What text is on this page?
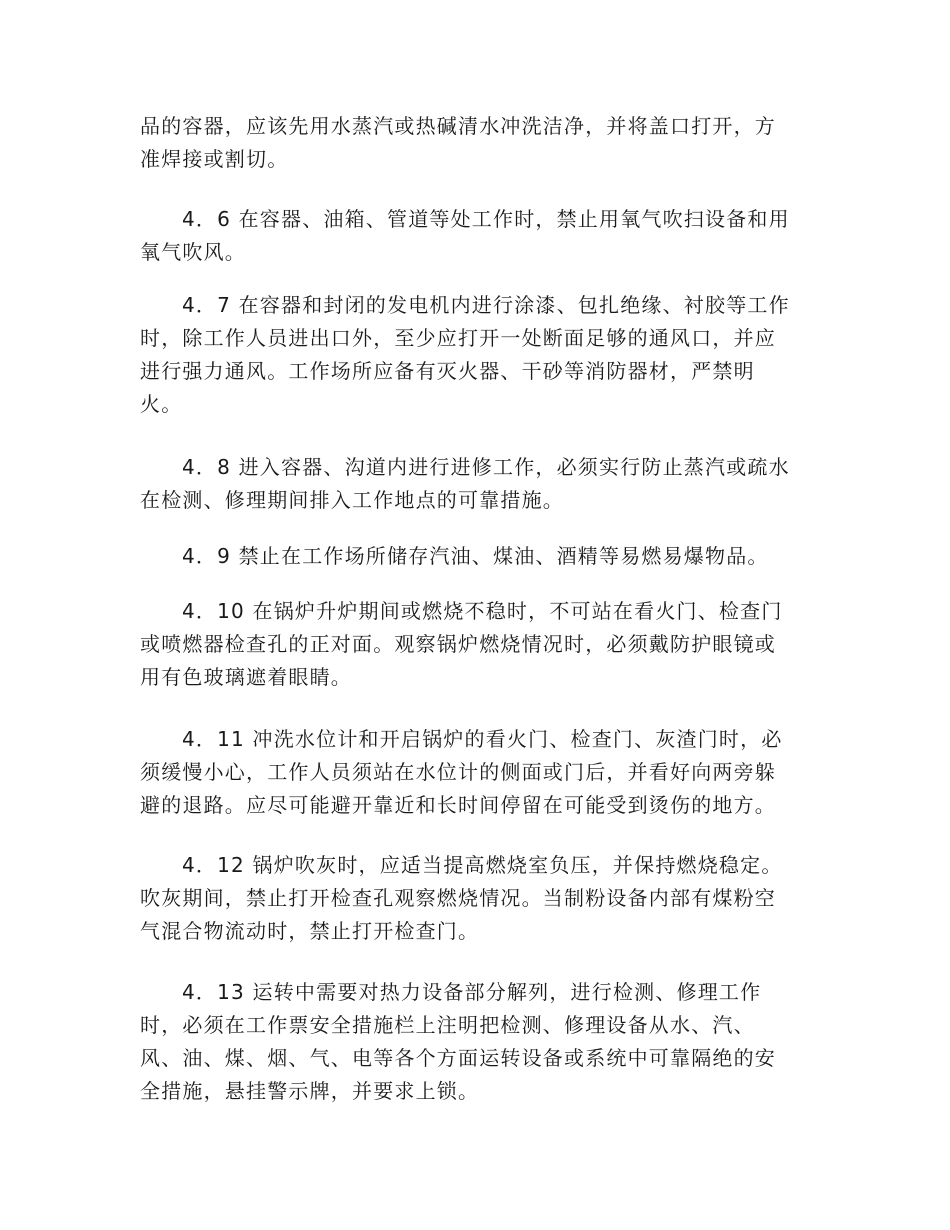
品的容器，应该先用水蒸汽或热碱清水冲洗洁净，并将盖口打开，方
准焊接或割切。

4．6 在容器、油箱、管道等处工作时，禁止用氧气吹扫设备和用
氧气吹风。

4．7 在容器和封闭的发电机内进行涂漆、包扎绝缘、衬胶等工作
时，除工作人员进出口外，至少应打开一处断面足够的通风口，并应
进行强力通风。工作场所应备有灭火器、干砂等消防器材，严禁明
火。

4．8 进入容器、沟道内进行进修工作，必须实行防止蒸汽或疏水
在检测、修理期间排入工作地点的可靠措施。

4．9 禁止在工作场所储存汽油、煤油、酒精等易燃易爆物品。

4．10 在锅炉升炉期间或燃烧不稳时，不可站在看火门、检查门
或喷燃器检查孔的正对面。观察锅炉燃烧情况时，必须戴防护眼镜或
用有色玻璃遮着眼睛。

4．11 冲洗水位计和开启锅炉的看火门、检查门、灰渣门时，必
须缓慢小心，工作人员须站在水位计的侧面或门后，并看好向两旁躲
避的退路。应尽可能避开靠近和长时间停留在可能受到烫伤的地方。

4．12 锅炉吹灰时，应适当提高燃烧室负压，并保持燃烧稳定。
吹灰期间，禁止打开检查孔观察燃烧情况。当制粉设备内部有煤粉空
气混合物流动时，禁止打开检查门。

4．13 运转中需要对热力设备部分解列，进行检测、修理工作
时，必须在工作票安全措施栏上注明把检测、修理设备从水、汽、
风、油、煤、烟、气、电等各个方面运转设备或系统中可靠隔绝的安
全措施，悬挂警示牌，并要求上锁。
